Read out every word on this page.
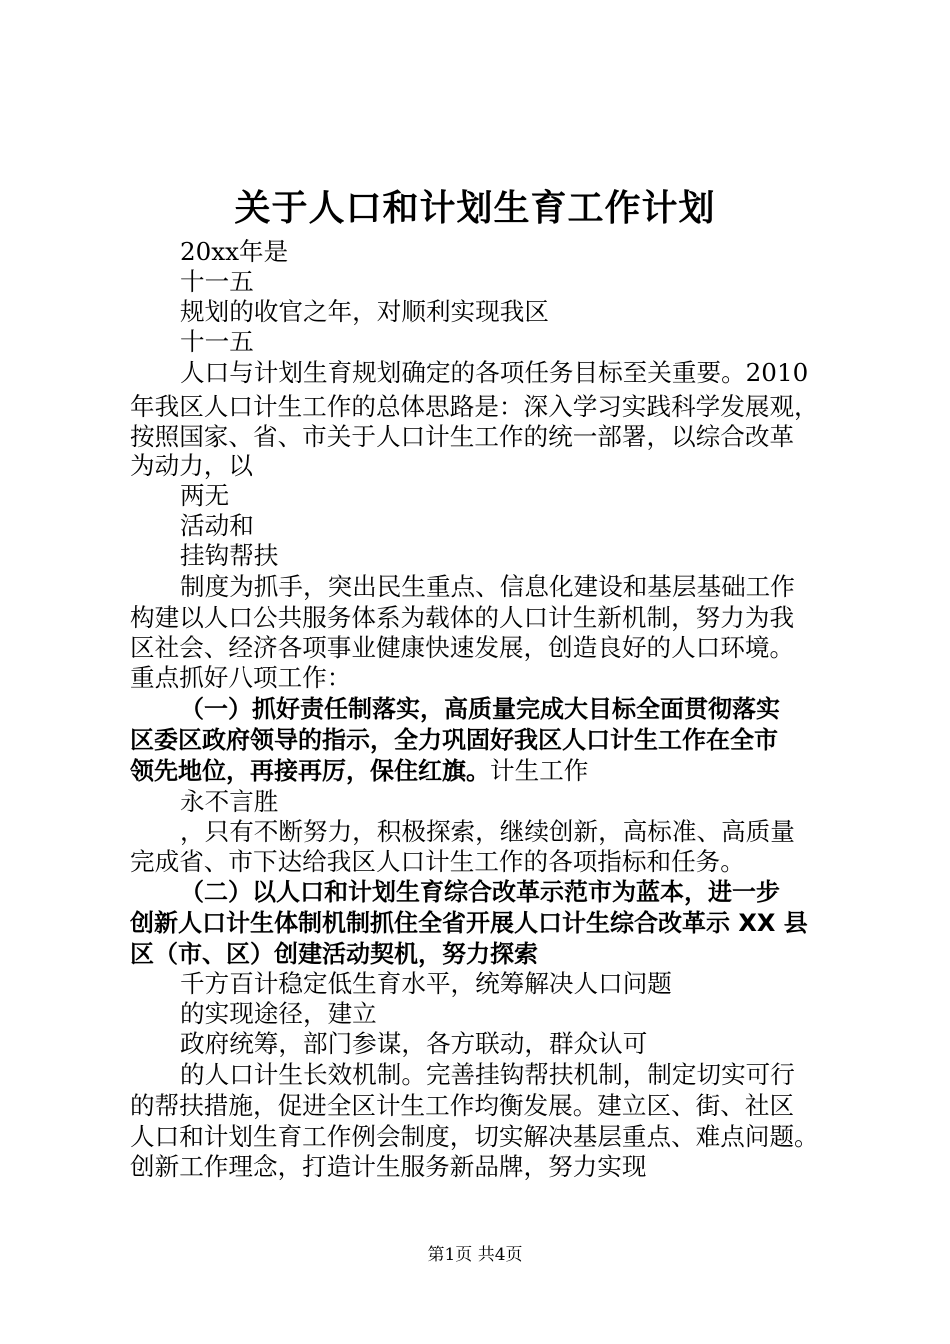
关于人口和计划生育工作计划
20xx年是
十一五
规划的收官之年，对顺利实现我区
十一五
人口与计划生育规划确定的各项任务目标至关重要。2010
年我区人口计生工作的总体思路是：深入学习实践科学发展观，
按照国家、省、市关于人口计生工作的统一部署，以综合改革
为动力，以
两无
活动和
挂钩帮扶
制度为抓手，突出民生重点、信息化建设和基层基础工作
构建以人口公共服务体系为载体的人口计生新机制，努力为我
区社会、经济各项事业健康快速发展，创造良好的人口环境。
重点抓好八项工作：
（一）抓好责任制落实，高质量完成大目标全面贯彻落实
区委区政府领导的指示，全力巩固好我区人口计生工作在全市
领先地位，再接再厉，保住红旗。计生工作
永不言胜
，只有不断努力，积极探索，继续创新，高标准、高质量
完成省、市下达给我区人口计生工作的各项指标和任务。
（二）以人口和计划生育综合改革示范市为蓝本，进一步
创新人口计生体制机制抓住全省开展人口计生综合改革示 XX 县
区（市、区）创建活动契机，努力探索
千方百计稳定低生育水平，统筹解决人口问题
的实现途径，建立
政府统筹，部门参谋，各方联动，群众认可
的人口计生长效机制。完善挂钩帮扶机制，制定切实可行
的帮扶措施，促进全区计生工作均衡发展。建立区、街、社区
人口和计划生育工作例会制度，切实解决基层重点、难点问题。
创新工作理念，打造计生服务新品牌，努力实现
第1页 共4页
